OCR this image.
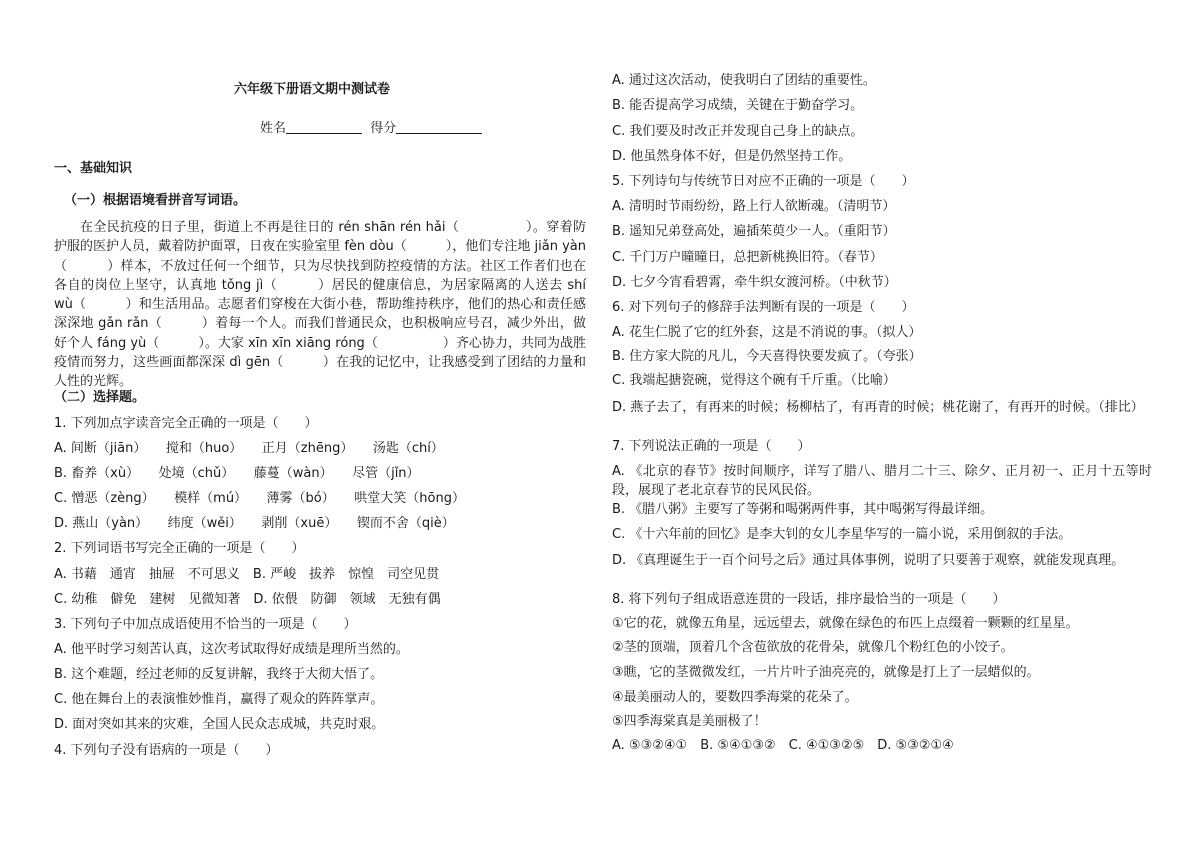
六年级下册语文期中测试卷
姓名	得分
一、基础知识
（一）根据语境看拼音写词语。
在全民抗疫的日子里，街道上不再是往日的 rén shān rén hǎi（　　　　　）。穿着防护服的医护人员，戴着防护面罩，日夜在实验室里 fèn dòu（　　　），他们专注地 jiǎn yàn（　　　）样本，不放过任何一个细节，只为尽快找到防控疫情的方法。社区工作者们也在各自的岗位上坚守，认真地 tǒng jì（　　　）居民的健康信息，为居家隔离的人送去 shí wù（　　　）和生活用品。志愿者们穿梭在大街小巷，帮助维持秩序，他们的热心和责任感深深地 gǎn rǎn（　　　）着每一个人。而我们普通民众，也积极响应号召，减少外出，做好个人 fáng yù（　　　）。大家 xīn xīn xiāng róng（　　　　　）齐心协力，共同为战胜疫情而努力，这些画面都深深 dì gēn（　　　）在我的记忆中，让我感受到了团结的力量和人性的光辉。
（二）选择题。
1. 下列加点字读音完全正确的一项是（　　）
A. 间断（jiān）　　搅和（huo）　　正月（zhēng）　　汤匙（chí）
B. 畜养（xù）　　处境（chǔ）　　藤蔓（wàn）　　尽管（jǐn）
C. 憎恶（zèng）　　模样（mú）　　薄雾（bó）　　哄堂大笑（hōng）
D. 燕山（yàn）　　纬度（wěi）　　剥削（xuē）　　锲而不舍（qiè）
2. 下列词语书写完全正确的一项是（　　）
A. 书藉　通宵　抽屉　不可思义　B. 严峻　拔养　惊惶　司空见贯
C. 幼稚　僻免　建树　见微知著　D. 依偎　防御　领域　无独有偶
3. 下列句子中加点成语使用不恰当的一项是（　　）
A. 他平时学习刻苦认真，这次考试取得好成绩是理所当然的。
B. 这个难题，经过老师的反复讲解，我终于大彻大悟了。
C. 他在舞台上的表演惟妙惟肖，赢得了观众的阵阵掌声。
D. 面对突如其来的灾难，全国人民众志成城，共克时艰。
4. 下列句子没有语病的一项是（　　）
A. 通过这次活动，使我明白了团结的重要性。
B. 能否提高学习成绩，关键在于勤奋学习。
C. 我们要及时改正并发现自己身上的缺点。
D. 他虽然身体不好，但是仍然坚持工作。
5. 下列诗句与传统节日对应不正确的一项是（　　）
A. 清明时节雨纷纷，路上行人欲断魂。（清明节）
B. 遥知兄弟登高处，遍插茱萸少一人。（重阳节）
C. 千门万户曈曈日，总把新桃换旧符。（春节）
D. 七夕今宵看碧霄，牵牛织女渡河桥。（中秋节）
6. 对下列句子的修辞手法判断有误的一项是（　　）
A. 花生仁脱了它的红外套，这是不消说的事。（拟人）
B. 住方家大院的凡儿，今天喜得快要发疯了。（夸张）
C. 我端起搪瓷碗，觉得这个碗有千斤重。（比喻）
D. 燕子去了，有再来的时候；杨柳枯了，有再青的时候；桃花谢了，有再开的时候。（排比）
7. 下列说法正确的一项是（　　）
A. 《北京的春节》按时间顺序，详写了腊八、腊月二十三、除夕、正月初一、正月十五等时段，展现了老北京春节的民风民俗。
B. 《腊八粥》主要写了等粥和喝粥两件事，其中喝粥写得最详细。
C. 《十六年前的回忆》是李大钊的女儿李星华写的一篇小说，采用倒叙的手法。
D. 《真理诞生于一百个问号之后》通过具体事例，说明了只要善于观察，就能发现真理。
8. 将下列句子组成语意连贯的一段话，排序最恰当的一项是（　　）
①它的花，就像五角星，远远望去，就像在绿色的布匹上点缀着一颗颗的红星星。
②茎的顶端，顶着几个含苞欲放的花骨朵，就像几个粉红色的小饺子。
③瞧，它的茎微微发红，一片片叶子油亮亮的，就像是打上了一层蜡似的。
④最美丽动人的，要数四季海棠的花朵了。
⑤四季海棠真是美丽极了！
A. ⑤③②④①　B. ⑤④①③②　C. ④①③②⑤　D. ⑤③②①④
